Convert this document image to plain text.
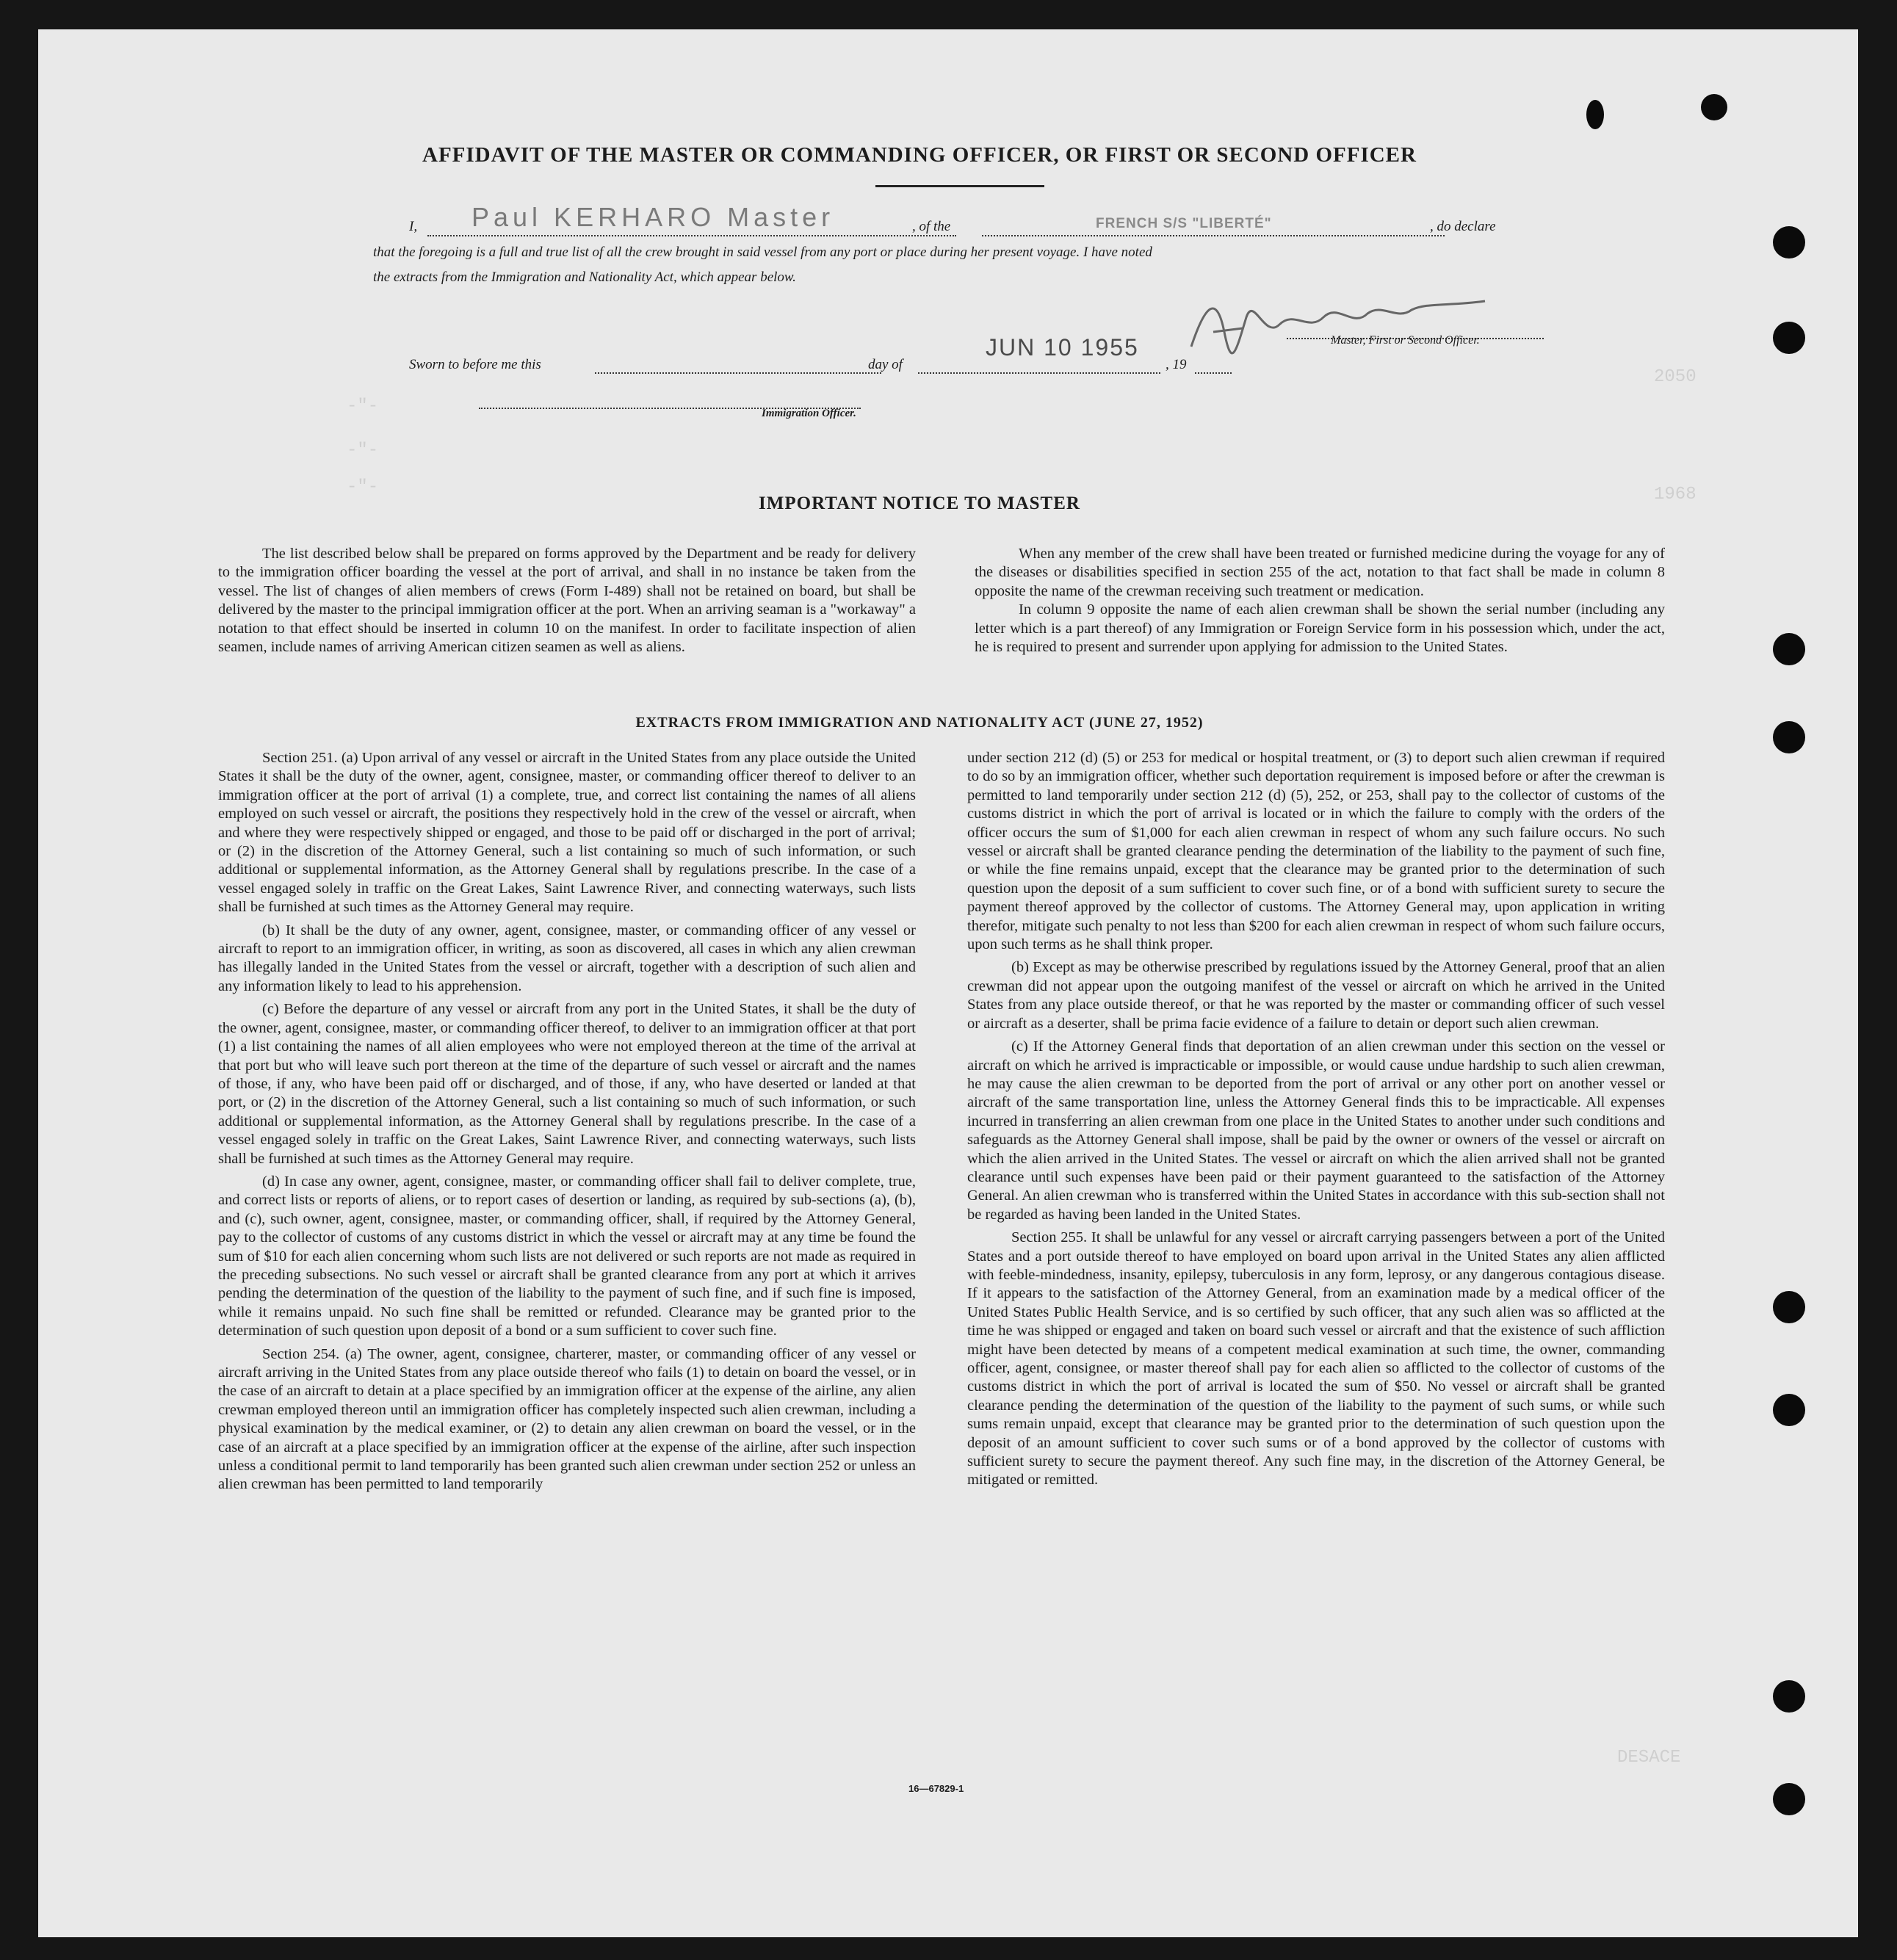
-"-
-"-
-"-
2050
1968
DESACE
AFFIDAVIT OF THE MASTER OR COMMANDING OFFICER, OR FIRST OR SECOND OFFICER
I, Paul KERHARO Master	, of the	FRENCH S/S "LIBERTÉ"	, do declare
that the foregoing is a full and true list of all the crew brought in said vessel from any port or place during her present voyage. I have noted
the extracts from the Immigration and Nationality Act, which appear below.
Master, First or Second Officer.
Sworn to before me this	day of
JUN 10 1955
, 19
Immigration Officer.
IMPORTANT NOTICE TO MASTER

The list described below shall be prepared on forms approved by the Department and be ready for delivery to the immigration officer boarding the vessel at the port of arrival, and shall in no instance be taken from the vessel. The list of changes of alien members of crews (Form I-489) shall not be retained on board, but shall be delivered by the master to the principal immigration officer at the port. When an arriving seaman is a "workaway" a notation to that effect should be inserted in column 10 on the manifest. In order to facilitate inspection of alien seamen, include names of arriving American citizen seamen as well as aliens.

When any member of the crew shall have been treated or furnished medicine during the voyage for any of the diseases or disabilities specified in section 255 of the act, notation to that fact shall be made in column 8 opposite the name of the crewman receiving such treatment or medication.

In column 9 opposite the name of each alien crewman shall be shown the serial number (including any letter which is a part thereof) of any Immigration or Foreign Service form in his possession which, under the act, he is required to present and surrender upon applying for admission to the United States.

EXTRACTS FROM IMMIGRATION AND NATIONALITY ACT (JUNE 27, 1952)

Section 251. (a) Upon arrival of any vessel or aircraft in the United States from any place outside the United States it shall be the duty of the owner, agent, consignee, master, or commanding officer thereof to deliver to an immigration officer at the port of arrival (1) a complete, true, and correct list containing the names of all aliens employed on such vessel or aircraft, the positions they respectively hold in the crew of the vessel or aircraft, when and where they were respectively shipped or engaged, and those to be paid off or discharged in the port of arrival; or (2) in the discretion of the Attorney General, such a list containing so much of such information, or such additional or supplemental information, as the Attorney General shall by regulations prescribe. In the case of a vessel engaged solely in traffic on the Great Lakes, Saint Lawrence River, and connecting waterways, such lists shall be furnished at such times as the Attorney General may require.

(b) It shall be the duty of any owner, agent, consignee, master, or commanding officer of any vessel or aircraft to report to an immigration officer, in writing, as soon as discovered, all cases in which any alien crewman has illegally landed in the United States from the vessel or aircraft, together with a description of such alien and any information likely to lead to his apprehension.

(c) Before the departure of any vessel or aircraft from any port in the United States, it shall be the duty of the owner, agent, consignee, master, or commanding officer thereof, to deliver to an immigration officer at that port (1) a list containing the names of all alien employees who were not employed thereon at the time of the arrival at that port but who will leave such port thereon at the time of the departure of such vessel or aircraft and the names of those, if any, who have been paid off or discharged, and of those, if any, who have deserted or landed at that port, or (2) in the discretion of the Attorney General, such a list containing so much of such information, or such additional or supplemental information, as the Attorney General shall by regulations prescribe. In the case of a vessel engaged solely in traffic on the Great Lakes, Saint Lawrence River, and connecting waterways, such lists shall be furnished at such times as the Attorney General may require.

(d) In case any owner, agent, consignee, master, or commanding officer shall fail to deliver complete, true, and correct lists or reports of aliens, or to report cases of desertion or landing, as required by sub-sections (a), (b), and (c), such owner, agent, consignee, master, or commanding officer, shall, if required by the Attorney General, pay to the collector of customs of any customs district in which the vessel or aircraft may at any time be found the sum of $10 for each alien concerning whom such lists are not delivered or such reports are not made as required in the preceding subsections. No such vessel or aircraft shall be granted clearance from any port at which it arrives pending the determination of the question of the liability to the payment of such fine, and if such fine is imposed, while it remains unpaid. No such fine shall be remitted or refunded. Clearance may be granted prior to the determination of such question upon deposit of a bond or a sum sufficient to cover such fine.

Section 254. (a) The owner, agent, consignee, charterer, master, or commanding officer of any vessel or aircraft arriving in the United States from any place outside thereof who fails (1) to detain on board the vessel, or in the case of an aircraft to detain at a place specified by an immigration officer at the expense of the airline, any alien crewman employed thereon until an immigration officer has completely inspected such alien crewman, including a physical examination by the medical examiner, or (2) to detain any alien crewman on board the vessel, or in the case of an aircraft at a place specified by an immigration officer at the expense of the airline, after such inspection unless a conditional permit to land temporarily has been granted such alien crewman under section 252 or unless an alien crewman has been permitted to land temporarily

under section 212 (d) (5) or 253 for medical or hospital treatment, or (3) to deport such alien crewman if required to do so by an immigration officer, whether such deportation requirement is imposed before or after the crewman is permitted to land temporarily under section 212 (d) (5), 252, or 253, shall pay to the collector of customs of the customs district in which the port of arrival is located or in which the failure to comply with the orders of the officer occurs the sum of $1,000 for each alien crewman in respect of whom any such failure occurs. No such vessel or aircraft shall be granted clearance pending the determination of the liability to the payment of such fine, or while the fine remains unpaid, except that the clearance may be granted prior to the determination of such question upon the deposit of a sum sufficient to cover such fine, or of a bond with sufficient surety to secure the payment thereof approved by the collector of customs. The Attorney General may, upon application in writing therefor, mitigate such penalty to not less than $200 for each alien crewman in respect of whom such failure occurs, upon such terms as he shall think proper.

(b) Except as may be otherwise prescribed by regulations issued by the Attorney General, proof that an alien crewman did not appear upon the outgoing manifest of the vessel or aircraft on which he arrived in the United States from any place outside thereof, or that he was reported by the master or commanding officer of such vessel or aircraft as a deserter, shall be prima facie evidence of a failure to detain or deport such alien crewman.

(c) If the Attorney General finds that deportation of an alien crewman under this section on the vessel or aircraft on which he arrived is impracticable or impossible, or would cause undue hardship to such alien crewman, he may cause the alien crewman to be deported from the port of arrival or any other port on another vessel or aircraft of the same transportation line, unless the Attorney General finds this to be impracticable. All expenses incurred in transferring an alien crewman from one place in the United States to another under such conditions and safeguards as the Attorney General shall impose, shall be paid by the owner or owners of the vessel or aircraft on which the alien arrived in the United States. The vessel or aircraft on which the alien arrived shall not be granted clearance until such expenses have been paid or their payment guaranteed to the satisfaction of the Attorney General. An alien crewman who is transferred within the United States in accordance with this sub-section shall not be regarded as having been landed in the United States.

Section 255. It shall be unlawful for any vessel or aircraft carrying passengers between a port of the United States and a port outside thereof to have employed on board upon arrival in the United States any alien afflicted with feeble-mindedness, insanity, epilepsy, tuberculosis in any form, leprosy, or any dangerous contagious disease. If it appears to the satisfaction of the Attorney General, from an examination made by a medical officer of the United States Public Health Service, and is so certified by such officer, that any such alien was so afflicted at the time he was shipped or engaged and taken on board such vessel or aircraft and that the existence of such affliction might have been detected by means of a competent medical examination at such time, the owner, commanding officer, agent, consignee, or master thereof shall pay for each alien so afflicted to the collector of customs of the customs district in which the port of arrival is located the sum of $50. No vessel or aircraft shall be granted clearance pending the determination of the question of the liability to the payment of such sums, or while such sums remain unpaid, except that clearance may be granted prior to the determination of such question upon the deposit of an amount sufficient to cover such sums or of a bond approved by the collector of customs with sufficient surety to secure the payment thereof. Any such fine may, in the discretion of the Attorney General, be mitigated or remitted.

16—67829-1
